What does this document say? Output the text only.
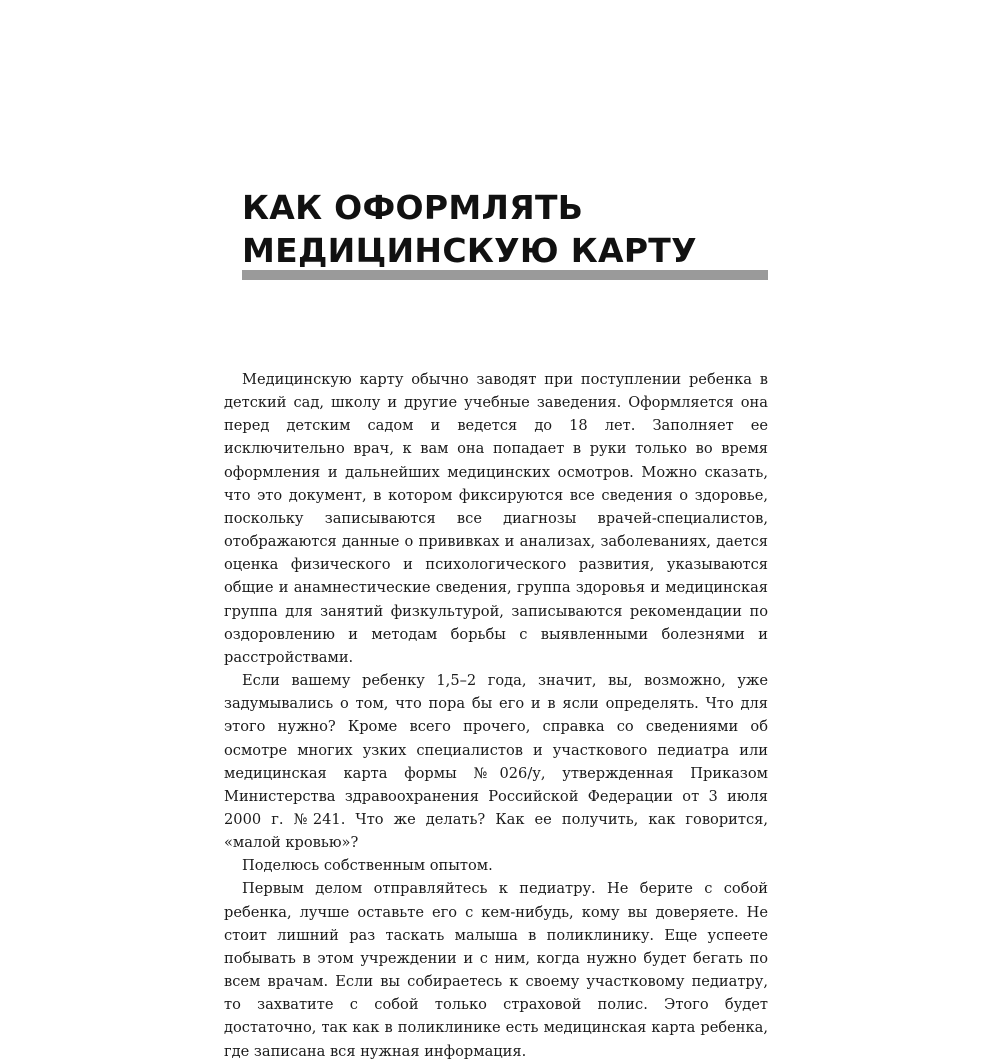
КАК ОФОРМЛЯТЬ
МЕДИЦИНСКУЮ КАРТУ

Медицинскую карту обычно заводят при поступлении ребенка в детский сад, школу и другие учебные заведения. Оформляется она перед детским садом и ведется до 18 лет. Заполняет ее исключительно врач, к вам она попадает в руки только во время оформления и дальнейших медицинских осмотров. Можно сказать, что это документ, в котором фиксируются все сведения о здоровье, поскольку записываются все диагнозы врачей-специалистов, отображаются данные о прививках и анализах, заболеваниях, дается оценка физического и психологического развития, указываются общие и анамнестические сведения, группа здоровья и медицинская группа для занятий физкультурой, записываются рекомендации по оздоровлению и методам борьбы с выявленными болезнями и расстройствами.

Если вашему ребенку 1,5–2 года, значит, вы, возможно, уже задумывались о том, что пора бы его и в ясли определять. Что для этого нужно? Кроме всего прочего, справка со сведениями об осмотре многих узких специалистов и участкового педиатра или медицинская карта формы №026/у, утвержденная Приказом Министерства здравоохранения Российской Федерации от 3 июля 2000 г. №241. Что же делать? Как ее получить, как говорится, «малой кровью»?

Поделюсь собственным опытом.

Первым делом отправляйтесь к педиатру. Не берите с собой ребенка, лучше оставьте его с кем-нибудь, кому вы доверяете. Не стоит лишний раз таскать малыша в поликлинику. Еще успеете побывать в этом учреждении и с ним, когда нужно будет бегать по всем врачам. Если вы собираетесь к своему участковому педиатру, то захватите с собой только страховой полис. Этого будет достаточно, так как в поликлинике есть медицинская карта ребенка, где записана вся нужная информация.
